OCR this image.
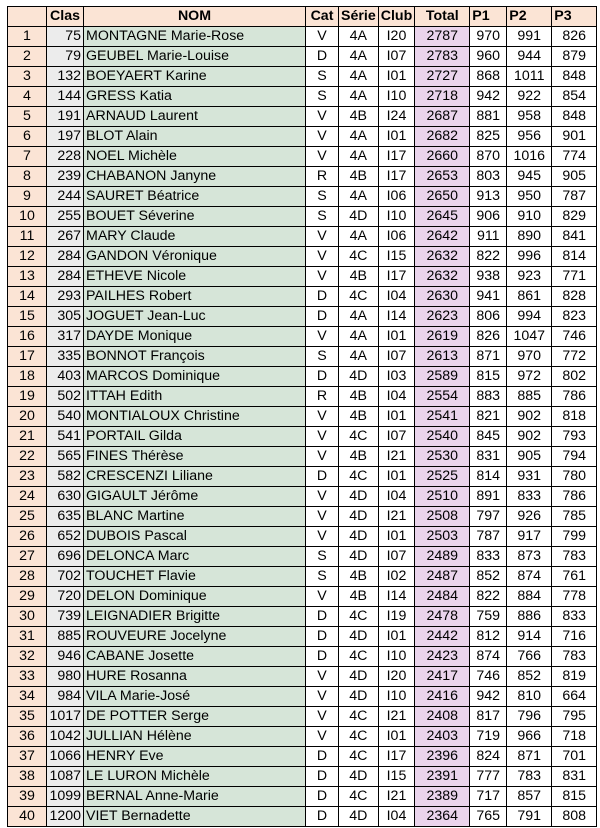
	Clas	NOM	Cat	Série	Club	Total	P1	P2	P3
1	75	MONTAGNE Marie-Rose	V	4A	I20	2787	970	991	826
2	79	GEUBEL Marie-Louise	D	4A	I07	2783	960	944	879
3	132	BOEYAERT Karine	S	4A	I01	2727	868	1011	848
4	144	GRESS Katia	S	4A	I10	2718	942	922	854
5	191	ARNAUD Laurent	V	4B	I24	2687	881	958	848
6	197	BLOT Alain	V	4A	I01	2682	825	956	901
7	228	NOEL Michèle	V	4A	I17	2660	870	1016	774
8	239	CHABANON Janyne	R	4B	I17	2653	803	945	905
9	244	SAURET Béatrice	S	4A	I06	2650	913	950	787
10	255	BOUET Séverine	S	4D	I10	2645	906	910	829
11	267	MARY Claude	V	4A	I06	2642	911	890	841
12	284	GANDON Véronique	V	4C	I15	2632	822	996	814
13	284	ETHEVE Nicole	V	4B	I17	2632	938	923	771
14	293	PAILHES Robert	D	4C	I04	2630	941	861	828
15	305	JOGUET Jean-Luc	D	4A	I14	2623	806	994	823
16	317	DAYDE Monique	V	4A	I01	2619	826	1047	746
17	335	BONNOT François	S	4A	I07	2613	871	970	772
18	403	MARCOS Dominique	D	4D	I03	2589	815	972	802
19	502	ITTAH Edith	R	4B	I04	2554	883	885	786
20	540	MONTIALOUX Christine	V	4B	I01	2541	821	902	818
21	541	PORTAIL Gilda	V	4C	I07	2540	845	902	793
22	565	FINES Thérèse	V	4B	I21	2530	831	905	794
23	582	CRESCENZI Liliane	D	4C	I01	2525	814	931	780
24	630	GIGAULT Jérôme	V	4D	I04	2510	891	833	786
25	635	BLANC Martine	V	4D	I21	2508	797	926	785
26	652	DUBOIS Pascal	V	4D	I01	2503	787	917	799
27	696	DELONCA Marc	S	4D	I07	2489	833	873	783
28	702	TOUCHET Flavie	S	4B	I02	2487	852	874	761
29	720	DELON Dominique	V	4B	I14	2484	822	884	778
30	739	LEIGNADIER Brigitte	D	4C	I19	2478	759	886	833
31	885	ROUVEURE Jocelyne	D	4D	I01	2442	812	914	716
32	946	CABANE Josette	D	4C	I10	2423	874	766	783
33	980	HURE Rosanna	V	4D	I20	2417	746	852	819
34	984	VILA Marie-José	V	4D	I10	2416	942	810	664
35	1017	DE POTTER Serge	V	4C	I21	2408	817	796	795
36	1042	JULLIAN Hélène	V	4C	I01	2403	719	966	718
37	1066	HENRY Eve	D	4C	I17	2396	824	871	701
38	1087	LE LURON Michèle	D	4D	I15	2391	777	783	831
39	1099	BERNAL Anne-Marie	D	4C	I21	2389	717	857	815
40	1200	VIET Bernadette	D	4D	I04	2364	765	791	808
